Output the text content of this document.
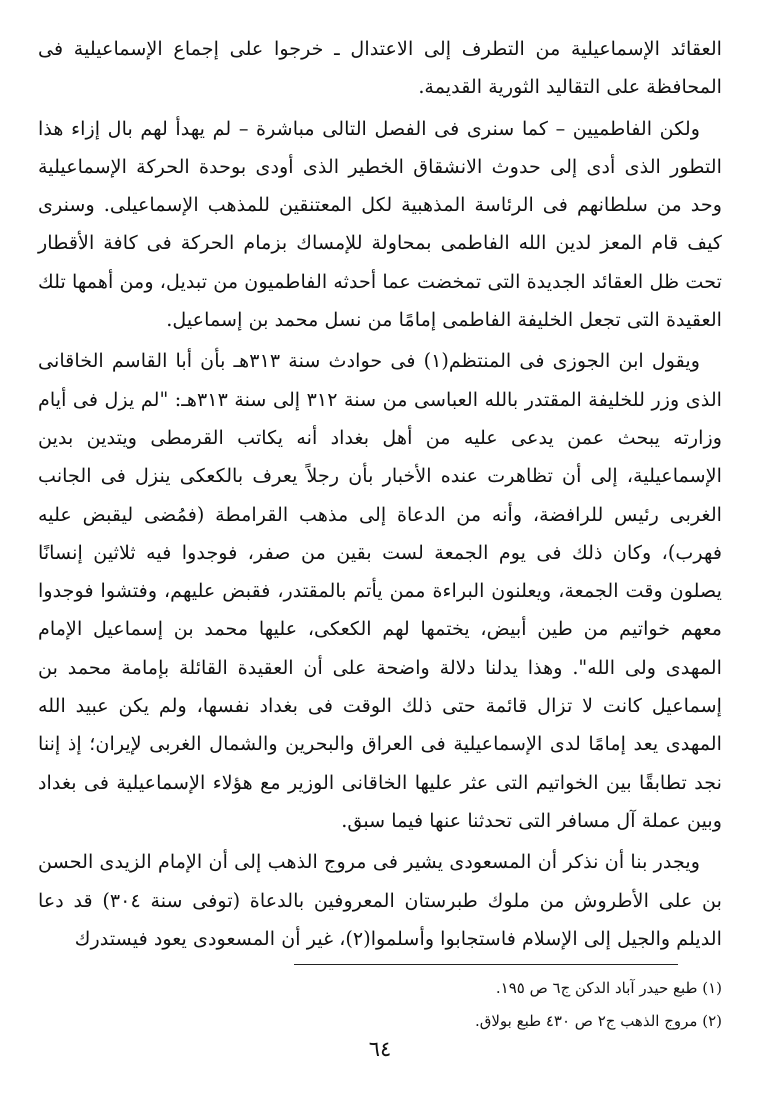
العقائد الإسماعيلية من التطرف إلى الاعتدال ـ خرجوا على إجماع الإسماعيلية فى المحافظة على التقاليد الثورية القديمة.

ولكن الفاطميين – كما سنرى فى الفصل التالى مباشرة – لم يهدأ لهم بال إزاء هذا التطور الذى أدى إلى حدوث الانشقاق الخطير الذى أودى بوحدة الحركة الإسماعيلية وحد من سلطانهم فى الرئاسة المذهبية لكل المعتنقين للمذهب الإسماعيلى. وسنرى كيف قام المعز لدين الله الفاطمى بمحاولة للإمساك بزمام الحركة فى كافة الأقطار تحت ظل العقائد الجديدة التى تمخضت عما أحدثه الفاطميون من تبديل، ومن أهمها تلك العقيدة التى تجعل الخليفة الفاطمى إمامًا من نسل محمد بن إسماعيل.

ويقول ابن الجوزى فى المنتظم(١) فى حوادث سنة ٣١٣هـ بأن أبا القاسم الخاقانى الذى وزر للخليفة المقتدر بالله العباسى من سنة ٣١٢ إلى سنة ٣١٣هـ: "لم يزل فى أيام وزارته يبحث عمن يدعى عليه من أهل بغداد أنه يكاتب القرمطى ويتدين بدين الإسماعيلية، إلى أن تظاهرت عنده الأخبار بأن رجلاً يعرف بالكعكى ينزل فى الجانب الغربى رئيس للرافضة، وأنه من الدعاة إلى مذهب القرامطة (فمُضى ليقبض عليه فهرب)، وكان ذلك فى يوم الجمعة لست بقين من صفر، فوجدوا فيه ثلاثين إنسانًا يصلون وقت الجمعة، ويعلنون البراءة ممن يأتم بالمقتدر، فقبض عليهم، وفتشوا فوجدوا معهم خواتيم من طين أبيض، يختمها لهم الكعكى، عليها محمد بن إسماعيل الإمام المهدى ولى الله". وهذا يدلنا دلالة واضحة على أن العقيدة القائلة بإمامة محمد بن إسماعيل كانت لا تزال قائمة حتى ذلك الوقت فى بغداد نفسها، ولم يكن عبيد الله المهدى يعد إمامًا لدى الإسماعيلية فى العراق والبحرين والشمال الغربى لإيران؛ إذ إننا نجد تطابقًا بين الخواتيم التى عثر عليها الخاقانى الوزير مع هؤلاء الإسماعيلية فى بغداد وبين عملة آل مسافر التى تحدثنا عنها فيما سبق.

ويجدر بنا أن نذكر أن المسعودى يشير فى مروج الذهب إلى أن الإمام الزيدى الحسن بن على الأطروش من ملوك طبرستان المعروفين بالدعاة (توفى سنة ٣٠٤) قد دعا الديلم والجيل إلى الإسلام فاستجابوا وأسلموا(٢)، غير أن المسعودى يعود فيستدرك

(١) طبع حيدر آباد الدكن ج٦ ص ١٩٥.

(٢) مروج الذهب ج٢ ص ٤٣٠ طبع بولاق.

٦٤
